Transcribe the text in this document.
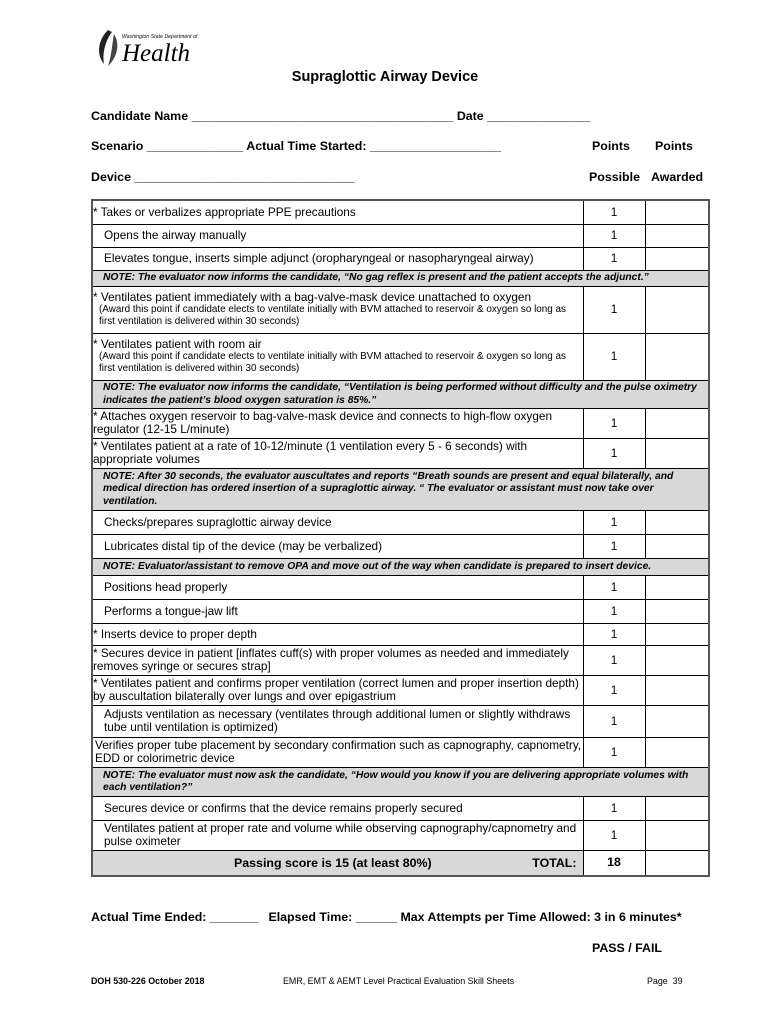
Washington State Department of
Health
Supraglottic Airway Device
Candidate Name ______________________________________ Date _______________
Scenario ______________ Actual Time Started: ___________________
Device ________________________________
Points
Possible
Points
Awarded
* Takes or verbalizes appropriate PPE precautions	1	

Opens the airway manually	1	

Elevates tongue, inserts simple adjunct (oropharyngeal or nasopharyngeal airway)	1	
NOTE: The evaluator now informs the candidate, “No gag reflex is present and the patient accepts the adjunct.”		

* Ventilates patient immediately with a bag-valve-mask device unattached to oxygen
(Award this point if candidate elects to ventilate initially with BVM attached to reservoir & oxygen so long as first ventilation is delivered within 30 seconds)	1	

* Ventilates patient with room air
(Award this point if candidate elects to ventilate initially with BVM attached to reservoir & oxygen so long as first ventilation is delivered within 30 seconds)	1	
NOTE: The evaluator now informs the candidate, “Ventilation is being performed without difficulty and the pulse oximetry indicates the patient’s blood oxygen saturation is 85%.”		

* Attaches oxygen reservoir to bag-valve-mask device and connects to high-flow oxygen regulator (12-15 L/minute)	1	

* Ventilates patient at a rate of 10-12/minute (1 ventilation every 5 - 6 seconds) with appropriate volumes	1	
NOTE: After 30 seconds, the evaluator auscultates and reports “Breath sounds are present and equal bilaterally, and medical direction has ordered insertion of a supraglottic airway. “ The evaluator or assistant must now take over ventilation.		

Checks/prepares supraglottic airway device	1	

Lubricates distal tip of the device (may be verbalized)	1	
NOTE: Evaluator/assistant to remove OPA and move out of the way when candidate is prepared to insert device.		

Positions head properly	1	

Performs a tongue-jaw lift	1	

* Inserts device to proper depth	1	

* Secures device in patient [inflates cuff(s) with proper volumes as needed and immediately removes syringe or secures strap]	1	

* Ventilates patient and confirms proper ventilation (correct lumen and proper insertion depth) by auscultation bilaterally over lungs and over epigastrium	1	

Adjusts ventilation as necessary (ventilates through additional lumen or slightly withdraws tube until ventilation is optimized)	1	

Verifies proper tube placement by secondary confirmation such as capnography, capnometry, EDD or colorimetric device	1	
NOTE: The evaluator must now ask the candidate, “How would you know if you are delivering appropriate volumes with each ventilation?”		

Secures device or confirms that the device remains properly secured	1	

Ventilates patient at proper rate and volume while observing capnography/capnometry and pulse oximeter	1	

Passing score is 15 (at least 80%) TOTAL:	18	
Actual Time Ended: _______   Elapsed Time: ______ Max Attempts per Time Allowed: 3 in 6 minutes*
PASS / FAIL
DOH 530-226 October 2018	EMR, EMT & AEMT Level Practical Evaluation Skill Sheets	Page  39
